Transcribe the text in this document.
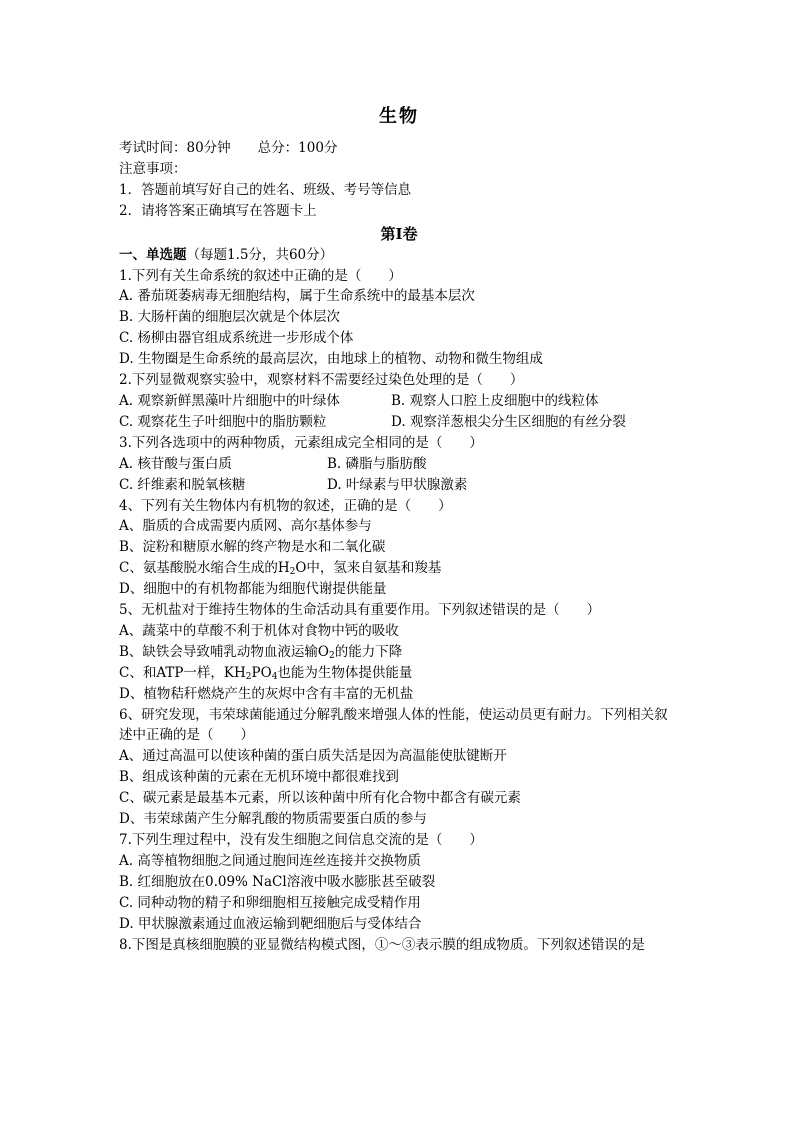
生物
考试时间：80分钟　　总分：100分
注意事项：
1．答题前填写好自己的姓名、班级、考号等信息
2．请将答案正确填写在答题卡上
第I卷
一、单选题（每题1.5分，共60分）
1.下列有关生命系统的叙述中正确的是（　　）
A. 番茄斑萎病毒无细胞结构，属于生命系统中的最基本层次
B. 大肠杆菌的细胞层次就是个体层次
C. 杨柳由器官组成系统进一步形成个体
D. 生物圈是生命系统的最高层次，由地球上的植物、动物和微生物组成
2.下列显微观察实验中，观察材料不需要经过染色处理的是（　　）
A. 观察新鲜黑藻叶片细胞中的叶绿体	B. 观察人口腔上皮细胞中的线粒体
C. 观察花生子叶细胞中的脂肪颗粒	D. 观察洋葱根尖分生区细胞的有丝分裂
3.下列各选项中的两种物质，元素组成完全相同的是（　　）
A. 核苷酸与蛋白质	B. 磷脂与脂肪酸
C. 纤维素和脱氧核糖	D. 叶绿素与甲状腺激素
4、下列有关生物体内有机物的叙述，正确的是（　　）
A、脂质的合成需要内质网、高尔基体参与
B、淀粉和糖原水解的终产物是水和二氧化碳
C、氨基酸脱水缩合生成的$H_2O$中，氢来自氨基和羧基
D、细胞中的有机物都能为细胞代谢提供能量
5、无机盐对于维持生物体的生命活动具有重要作用。下列叙述错误的是（　　）
A、蔬菜中的草酸不利于机体对食物中钙的吸收
B、缺铁会导致哺乳动物血液运输$O_2$的能力下降
C、和ATP一样，$KH_2PO_4$也能为生物体提供能量
D、植物秸秆燃烧产生的灰烬中含有丰富的无机盐
6、研究发现，韦荣球菌能通过分解乳酸来增强人体的性能，使运动员更有耐力。下列相关叙述中正确的是（　　）
A、通过高温可以使该种菌的蛋白质失活是因为高温能使肽键断开
B、组成该种菌的元素在无机环境中都很难找到
C、碳元素是最基本元素，所以该种菌中所有化合物中都含有碳元素
D、韦荣球菌产生分解乳酸的物质需要蛋白质的参与
7.下列生理过程中，没有发生细胞之间信息交流的是（　　）
A. 高等植物细胞之间通过胞间连丝连接并交换物质
B. 红细胞放在0.09% NaCl溶液中吸水膨胀甚至破裂
C. 同种动物的精子和卵细胞相互接触完成受精作用
D. 甲状腺激素通过血液运输到靶细胞后与受体结合
8.下图是真核细胞膜的亚显微结构模式图，①～③表示膜的组成物质。下列叙述错误的是
